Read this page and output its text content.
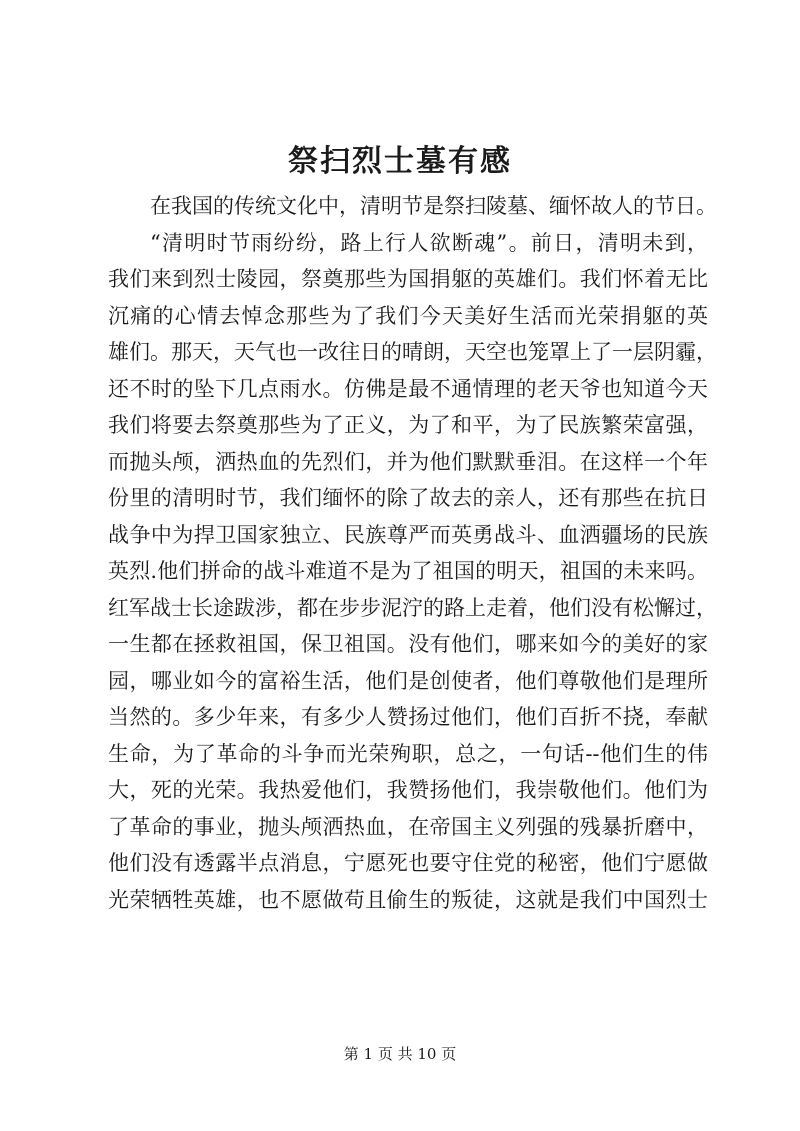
祭扫烈士墓有感
在我国的传统文化中，清明节是祭扫陵墓、缅怀故人的节日。
“清明时节雨纷纷，路上行人欲断魂”。前日，清明未到，
我们来到烈士陵园，祭奠那些为国捐躯的英雄们。我们怀着无比
沉痛的心情去悼念那些为了我们今天美好生活而光荣捐躯的英
雄们。那天，天气也一改往日的晴朗，天空也笼罩上了一层阴霾，
还不时的坠下几点雨水。仿佛是最不通情理的老天爷也知道今天
我们将要去祭奠那些为了正义，为了和平，为了民族繁荣富强，
而抛头颅，洒热血的先烈们，并为他们默默垂泪。在这样一个年
份里的清明时节，我们缅怀的除了故去的亲人，还有那些在抗日
战争中为捍卫国家独立、民族尊严而英勇战斗、血洒疆场的民族
英烈.他们拼命的战斗难道不是为了祖国的明天，祖国的未来吗。
红军战士长途跋涉，都在步步泥泞的路上走着，他们没有松懈过，
一生都在拯救祖国，保卫祖国。没有他们，哪来如今的美好的家
园，哪业如今的富裕生活，他们是创使者，他们尊敬他们是理所
当然的。多少年来，有多少人赞扬过他们，他们百折不挠，奉献
生命，为了革命的斗争而光荣殉职，总之，一句话--他们生的伟
大，死的光荣。我热爱他们，我赞扬他们，我崇敬他们。他们为
了革命的事业，抛头颅洒热血，在帝国主义列强的残暴折磨中，
他们没有透露半点消息，宁愿死也要守住党的秘密，他们宁愿做
光荣牺牲英雄，也不愿做苟且偷生的叛徒，这就是我们中国烈士
第 1 页 共 10 页
